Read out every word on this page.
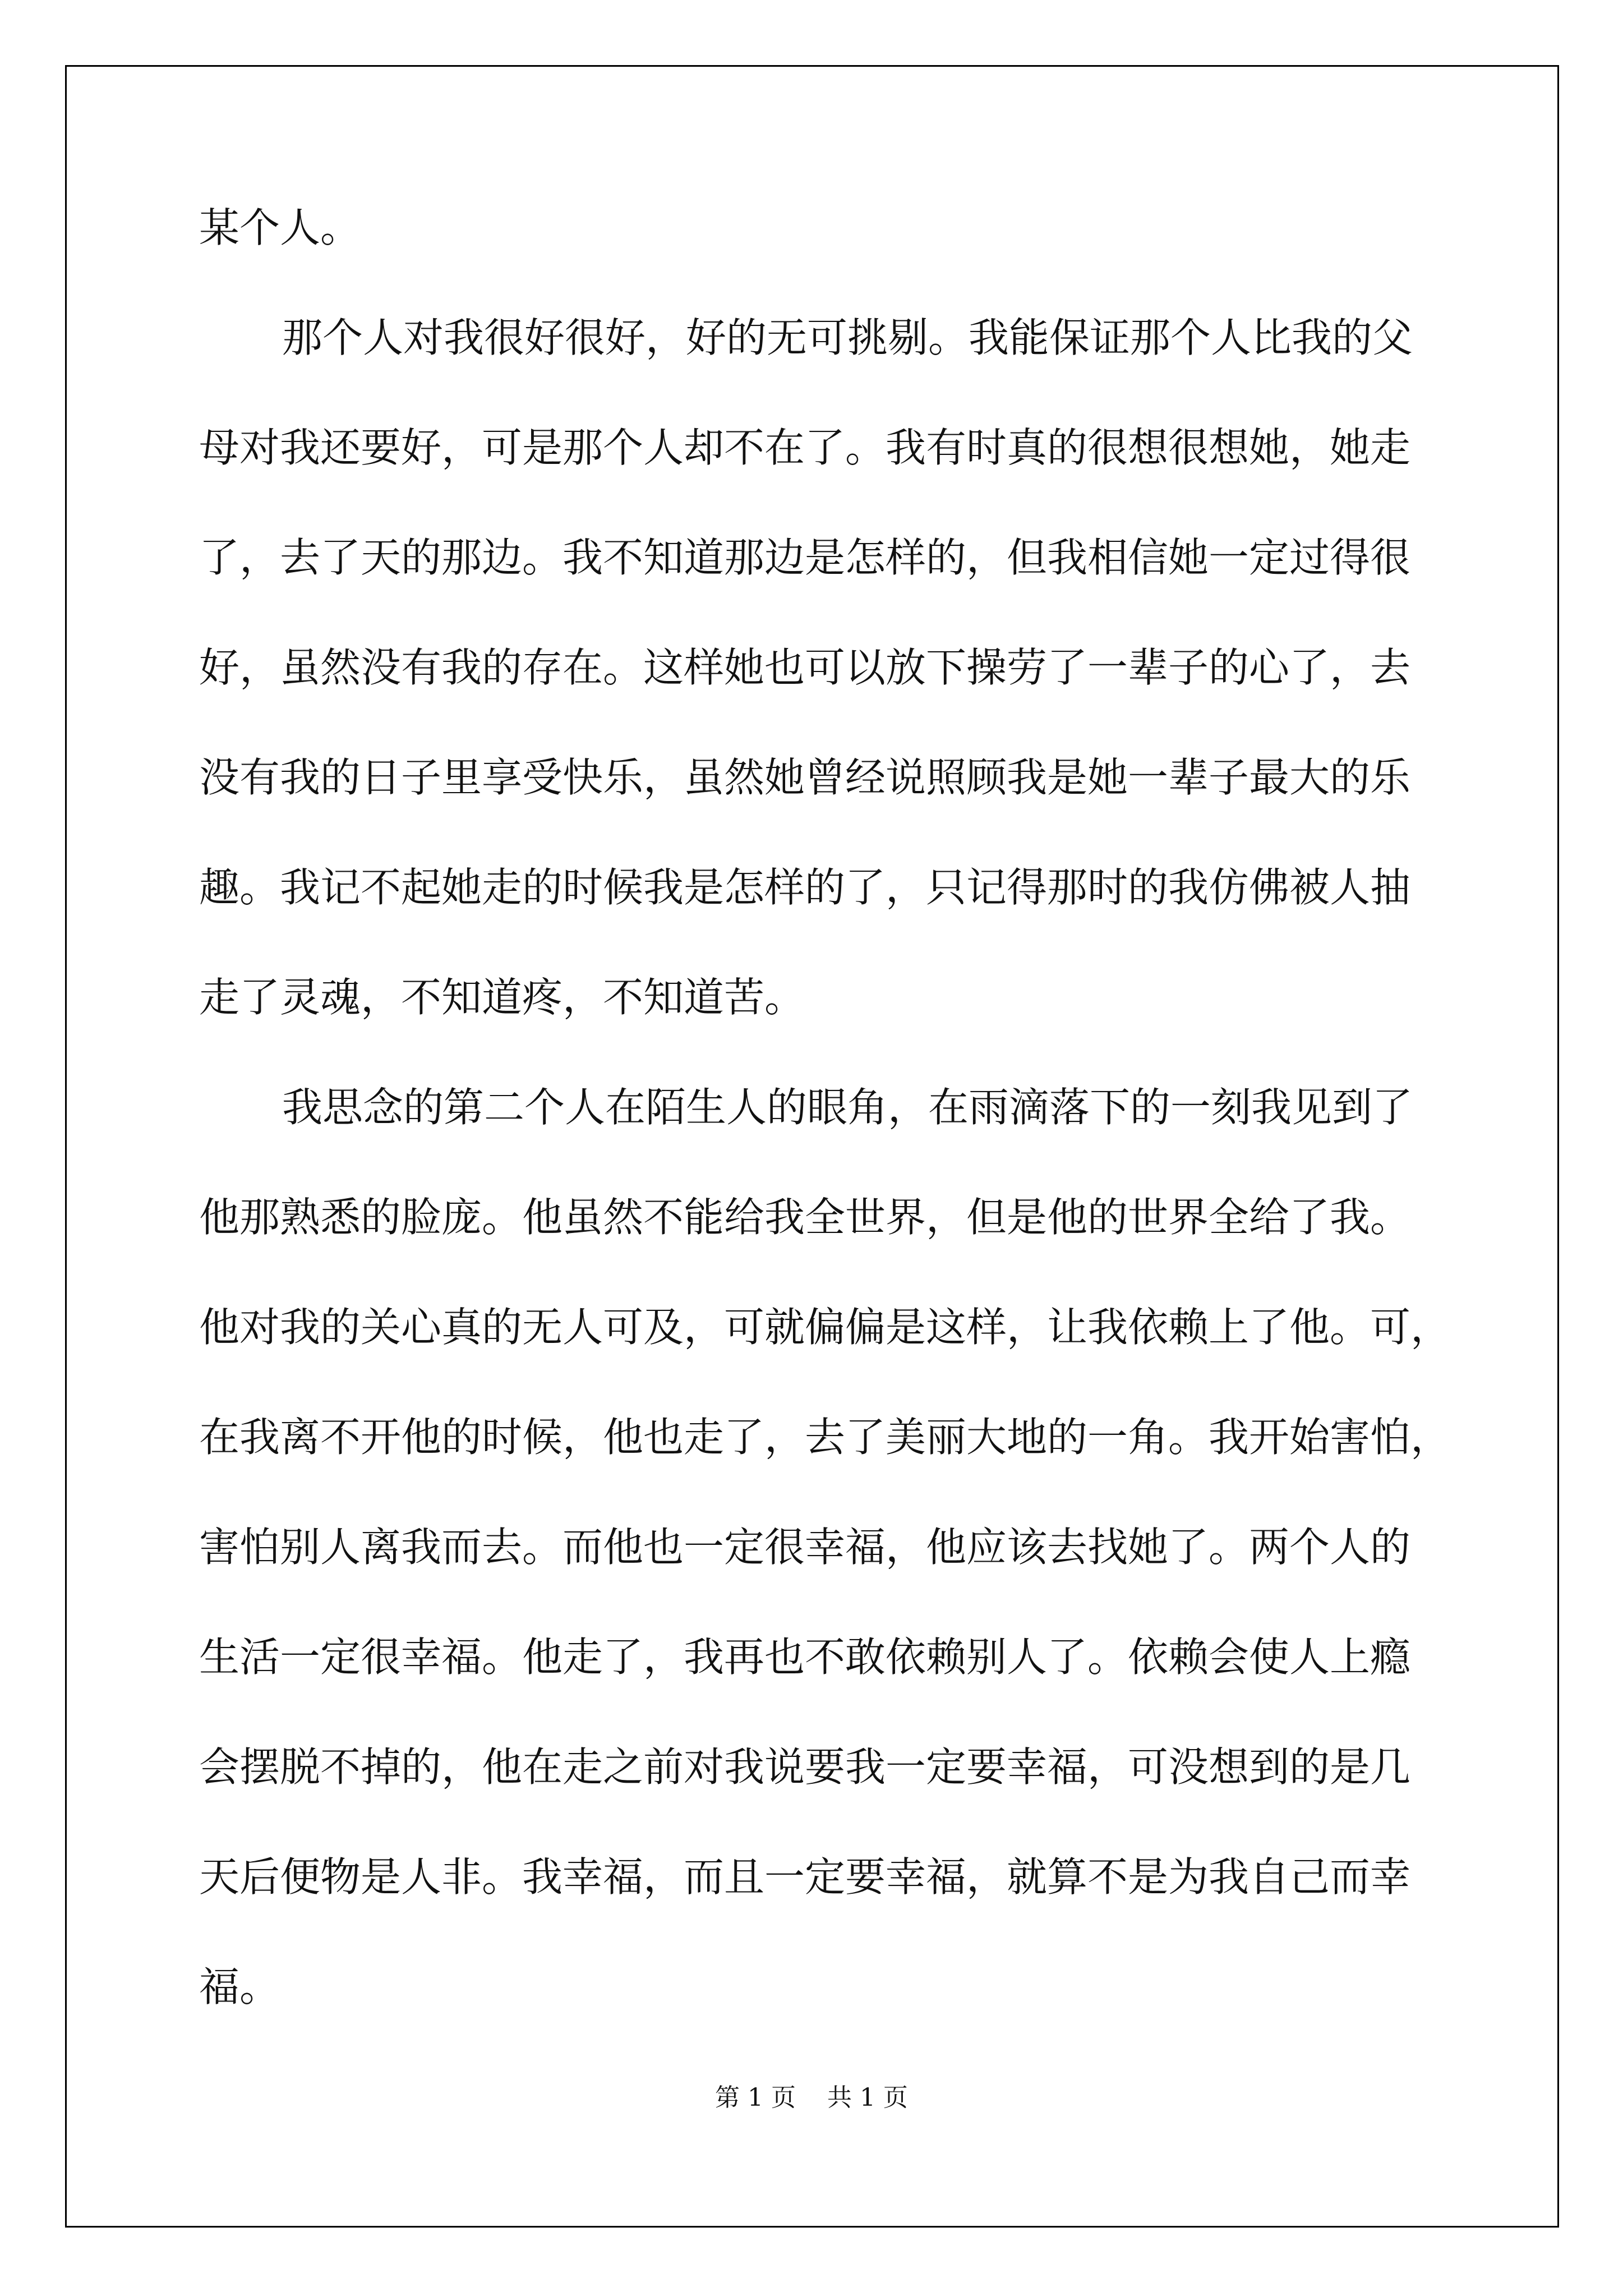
某个人。
那个人对我很好很好，好的无可挑剔。我能保证那个人比我的父
母对我还要好，可是那个人却不在了。我有时真的很想很想她，她走
了，去了天的那边。我不知道那边是怎样的，但我相信她一定过得很
好，虽然没有我的存在。这样她也可以放下操劳了一辈子的心了，去
没有我的日子里享受快乐，虽然她曾经说照顾我是她一辈子最大的乐
趣。我记不起她走的时候我是怎样的了，只记得那时的我仿佛被人抽
走了灵魂，不知道疼，不知道苦。
我思念的第二个人在陌生人的眼角，在雨滴落下的一刻我见到了
他那熟悉的脸庞。他虽然不能给我全世界，但是他的世界全给了我。
他对我的关心真的无人可及，可就偏偏是这样，让我依赖上了他。可，
在我离不开他的时候，他也走了，去了美丽大地的一角。我开始害怕，
害怕别人离我而去。而他也一定很幸福，他应该去找她了。两个人的
生活一定很幸福。他走了，我再也不敢依赖别人了。依赖会使人上瘾
会摆脱不掉的，他在走之前对我说要我一定要幸福，可没想到的是几
天后便物是人非。我幸福，而且一定要幸福，就算不是为我自己而幸
福。
第 1 页    共 1 页
